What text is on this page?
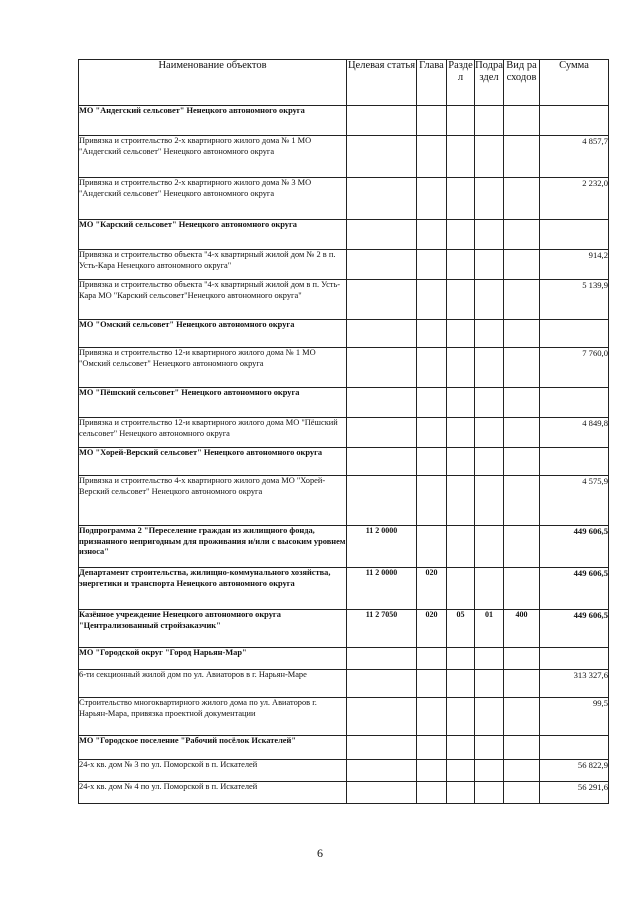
Наименование объектов	Целевая статья	Глава	Раздел	Подраздел	Вид расходов	Сумма
МО "Андегский сельсовет" Ненецкого автономного округа						
Привязка и строительство 2-х квартирного жилого дома № 1 МО "Андегский сельсовет" Ненецкого автономного округа						4 857,7
Привязка и строительство 2-х квартирного жилого дома № 3 МО "Андегский сельсовет" Ненецкого автономного округа						2 232,0
МО "Карский сельсовет" Ненецкого автономного округа						
Привязка и строительство объекта "4-х квартирный жилой дом № 2 в п. Усть-Кара Ненецкого автономного округа"						914,2
Привязка и строительство объекта "4-х квартирный жилой дом в п. Усть-Кара МО "Карский сельсовет"Ненецкого автономного округа"						5 139,9
МО "Омский сельсовет" Ненецкого автономного округа						
Привязка и строительство 12-и квартирного жилого дома № 1 МО "Омский сельсовет" Ненецкого автономного округа						7 760,0
МО "Пёшский сельсовет" Ненецкого автономного округа						
Привязка и строительство 12-и квартирного жилого дома МО "Пёшский сельсовет" Ненецкого автономного округа						4 849,8
МО "Хорей-Верский сельсовет" Ненецкого автономного округа						
Привязка и строительство 4-х квартирного жилого дома МО "Хорей-Верский сельсовет" Ненецкого автономного округа						4 575,9
Подпрограмма 2 "Переселение граждан из жилищного фонда, признанного непригодным для проживания и/или с высоким уровнем износа"	11 2 0000					449 606,5
Департамент строительства, жилищно-коммунального хозяйства, энергетики и транспорта Ненецкого автономного округа	11 2 0000	020				449 606,5
Казённое учреждение Ненецкого автономного округа "Централизованный стройзаказчик"	11 2 7050	020	05	01	400	449 606,5
МО "Городской округ "Город Нарьян-Мар"						
6-ти секционный жилой дом по ул. Авиаторов в г. Нарьян-Маре						313 327,6
Строительство многоквартирного жилого дома по ул. Авиаторов г. Нарьян-Мара, привязка проектной документации						99,5
МО "Городское поселение "Рабочий посёлок Искателей"						
24-х кв. дом № 3 по ул. Поморской в п. Искателей						56 822,9
24-х кв. дом № 4 по ул. Поморской в п. Искателей						56 291,6
6
